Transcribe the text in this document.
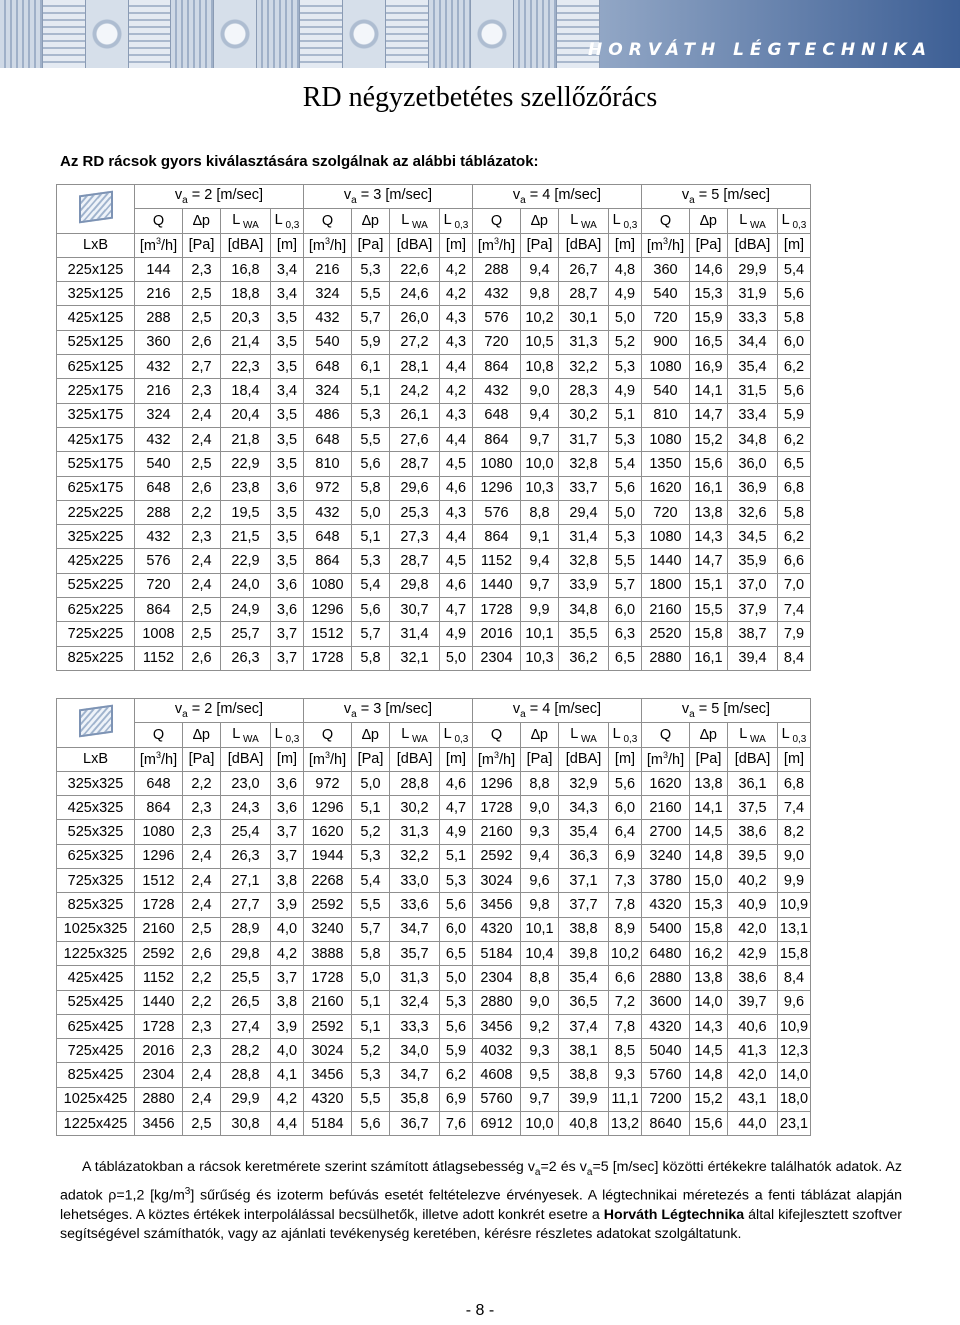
HORVÁTH LÉGTECHNIKA
RD négyzetbetétes szellőzőrács
Az RD rácsok gyors kiválasztására szolgálnak az alábbi táblázatok:
	$v_a = 2$ [m/sec]				$v_a = 3$ [m/sec]				$v_a = 4$ [m/sec]				$v_a = 5$ [m/sec]			
	Q	∆p	L $_{WA}$	L $_{0,3}$	Q	∆p	L $_{WA}$	L $_{0,3}$	Q	∆p	L $_{WA}$	L $_{0,3}$	Q	∆p	L $_{WA}$	L $_{0,3}$
LxB	$[m^3/h]$	[Pa]	[dBA]	[m]	$[m^3/h]$	[Pa]	[dBA]	[m]	$[m^3/h]$	[Pa]	[dBA]	[m]	$[m^3/h]$	[Pa]	[dBA]	[m]
225x125	144	2,3	16,8	3,4	216	5,3	22,6	4,2	288	9,4	26,7	4,8	360	14,6	29,9	5,4
325x125	216	2,5	18,8	3,4	324	5,5	24,6	4,2	432	9,8	28,7	4,9	540	15,3	31,9	5,6
425x125	288	2,5	20,3	3,5	432	5,7	26,0	4,3	576	10,2	30,1	5,0	720	15,9	33,3	5,8
525x125	360	2,6	21,4	3,5	540	5,9	27,2	4,3	720	10,5	31,3	5,2	900	16,5	34,4	6,0
625x125	432	2,7	22,3	3,5	648	6,1	28,1	4,4	864	10,8	32,2	5,3	1080	16,9	35,4	6,2
225x175	216	2,3	18,4	3,4	324	5,1	24,2	4,2	432	9,0	28,3	4,9	540	14,1	31,5	5,6
325x175	324	2,4	20,4	3,5	486	5,3	26,1	4,3	648	9,4	30,2	5,1	810	14,7	33,4	5,9
425x175	432	2,4	21,8	3,5	648	5,5	27,6	4,4	864	9,7	31,7	5,3	1080	15,2	34,8	6,2
525x175	540	2,5	22,9	3,5	810	5,6	28,7	4,5	1080	10,0	32,8	5,4	1350	15,6	36,0	6,5
625x175	648	2,6	23,8	3,6	972	5,8	29,6	4,6	1296	10,3	33,7	5,6	1620	16,1	36,9	6,8
225x225	288	2,2	19,5	3,5	432	5,0	25,3	4,3	576	8,8	29,4	5,0	720	13,8	32,6	5,8
325x225	432	2,3	21,5	3,5	648	5,1	27,3	4,4	864	9,1	31,4	5,3	1080	14,3	34,5	6,2
425x225	576	2,4	22,9	3,5	864	5,3	28,7	4,5	1152	9,4	32,8	5,5	1440	14,7	35,9	6,6
525x225	720	2,4	24,0	3,6	1080	5,4	29,8	4,6	1440	9,7	33,9	5,7	1800	15,1	37,0	7,0
625x225	864	2,5	24,9	3,6	1296	5,6	30,7	4,7	1728	9,9	34,8	6,0	2160	15,5	37,9	7,4
725x225	1008	2,5	25,7	3,7	1512	5,7	31,4	4,9	2016	10,1	35,5	6,3	2520	15,8	38,7	7,9
825x225	1152	2,6	26,3	3,7	1728	5,8	32,1	5,0	2304	10,3	36,2	6,5	2880	16,1	39,4	8,4
	$v_a = 2$ [m/sec]				$v_a = 3$ [m/sec]				$v_a = 4$ [m/sec]				$v_a = 5$ [m/sec]			
	Q	∆p	L $_{WA}$	L $_{0,3}$	Q	∆p	L $_{WA}$	L $_{0,3}$	Q	∆p	L $_{WA}$	L $_{0,3}$	Q	∆p	L $_{WA}$	L $_{0,3}$
LxB	$[m^3/h]$	[Pa]	[dBA]	[m]	$[m^3/h]$	[Pa]	[dBA]	[m]	$[m^3/h]$	[Pa]	[dBA]	[m]	$[m^3/h]$	[Pa]	[dBA]	[m]
325x325	648	2,2	23,0	3,6	972	5,0	28,8	4,6	1296	8,8	32,9	5,6	1620	13,8	36,1	6,8
425x325	864	2,3	24,3	3,6	1296	5,1	30,2	4,7	1728	9,0	34,3	6,0	2160	14,1	37,5	7,4
525x325	1080	2,3	25,4	3,7	1620	5,2	31,3	4,9	2160	9,3	35,4	6,4	2700	14,5	38,6	8,2
625x325	1296	2,4	26,3	3,7	1944	5,3	32,2	5,1	2592	9,4	36,3	6,9	3240	14,8	39,5	9,0
725x325	1512	2,4	27,1	3,8	2268	5,4	33,0	5,3	3024	9,6	37,1	7,3	3780	15,0	40,2	9,9
825x325	1728	2,4	27,7	3,9	2592	5,5	33,6	5,6	3456	9,8	37,7	7,8	4320	15,3	40,9	10,9
1025x325	2160	2,5	28,9	4,0	3240	5,7	34,7	6,0	4320	10,1	38,8	8,9	5400	15,8	42,0	13,1
1225x325	2592	2,6	29,8	4,2	3888	5,8	35,7	6,5	5184	10,4	39,8	10,2	6480	16,2	42,9	15,8
425x425	1152	2,2	25,5	3,7	1728	5,0	31,3	5,0	2304	8,8	35,4	6,6	2880	13,8	38,6	8,4
525x425	1440	2,2	26,5	3,8	2160	5,1	32,4	5,3	2880	9,0	36,5	7,2	3600	14,0	39,7	9,6
625x425	1728	2,3	27,4	3,9	2592	5,1	33,3	5,6	3456	9,2	37,4	7,8	4320	14,3	40,6	10,9
725x425	2016	2,3	28,2	4,0	3024	5,2	34,0	5,9	4032	9,3	38,1	8,5	5040	14,5	41,3	12,3
825x425	2304	2,4	28,8	4,1	3456	5,3	34,7	6,2	4608	9,5	38,8	9,3	5760	14,8	42,0	14,0
1025x425	2880	2,4	29,9	4,2	4320	5,5	35,8	6,9	5760	9,7	39,9	11,1	7200	15,2	43,1	18,0
1225x425	3456	2,5	30,8	4,4	5184	5,6	36,7	7,6	6912	10,0	40,8	13,2	8640	15,6	44,0	23,1

A táblázatokban a rácsok keretmérete szerint számított átlagsebesség $v_a=2$ és $v_a=5$ [m/sec] közötti értékekre találhatók adatok. Az adatok ρ=1,2 $[kg/m^3]$ sűrűség és izoterm befúvás esetét feltételezve érvényesek. A légtechnikai méretezés a fenti táblázat alapján lehetséges. A köztes értékek interpolálással becsülhetők, illetve adott konkrét esetre a Horváth Légtechnika által kifejlesztett szoftver segítségével számíthatók, vagy az ajánlati tevékenység keretében, kérésre részletes adatokat szolgáltatunk.

- 8 -
